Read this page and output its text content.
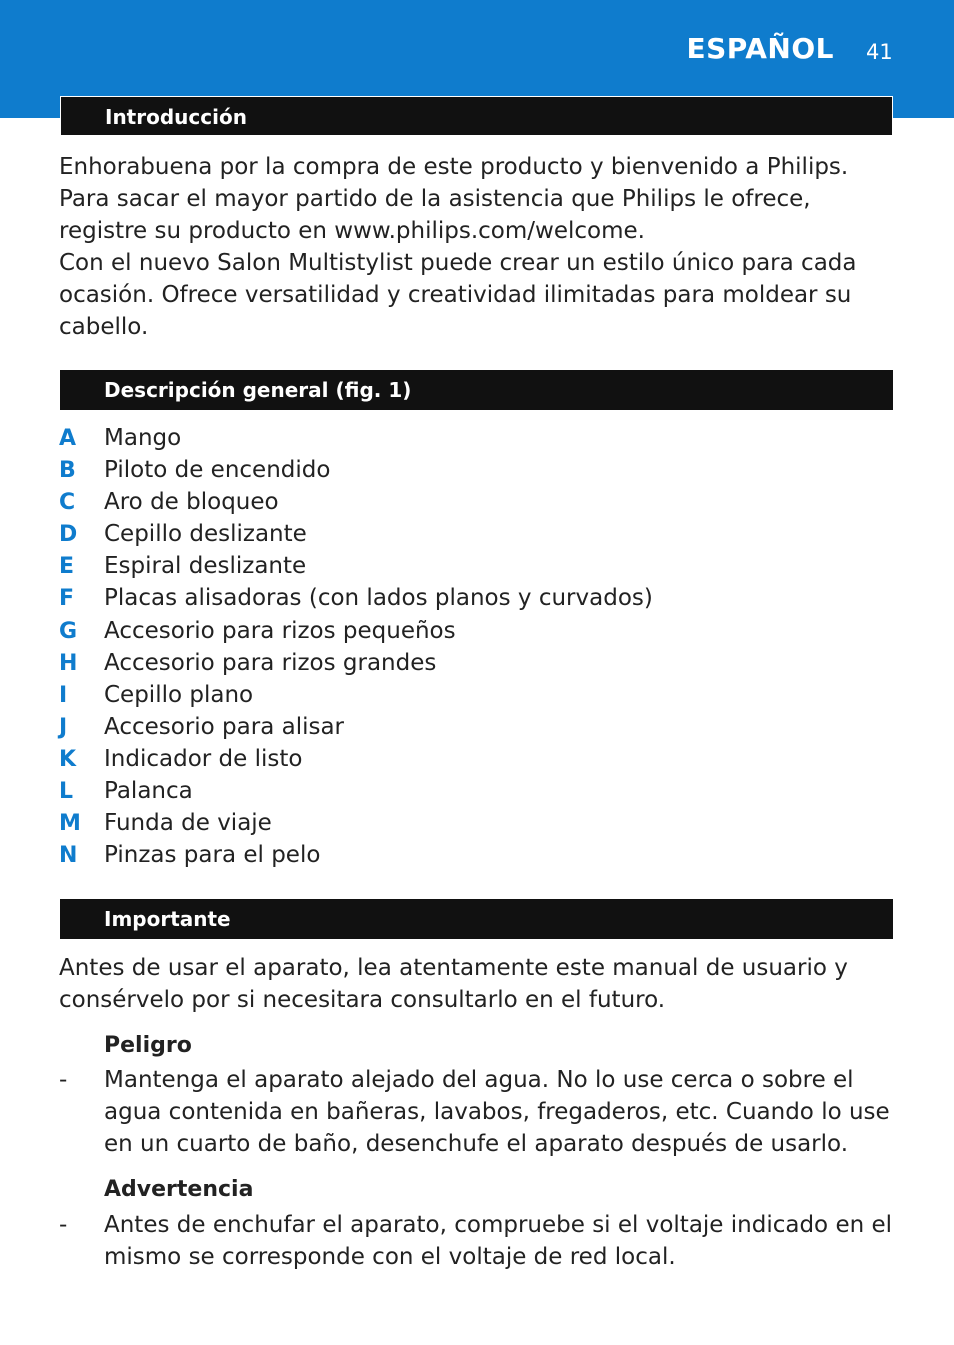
ESPAÑOL 41
Introducción

Enhorabuena por la compra de este producto y bienvenido a Philips. Para sacar el mayor partido de la asistencia que Philips le ofrece, registre su producto en www.philips.com/welcome.

Con el nuevo Salon Multistylist puede crear un estilo único para cada ocasión. Ofrece versatilidad y creatividad ilimitadas para moldear su cabello.

Descripción general (fig. 1)
A Mango
B Piloto de encendido
C Aro de bloqueo
D Cepillo deslizante
E Espiral deslizante
F Placas alisadoras (con lados planos y curvados)
G Accesorio para rizos pequeños
H Accesorio para rizos grandes
I Cepillo plano
J Accesorio para alisar
K Indicador de listo
L Palanca
M Funda de viaje
N Pinzas para el pelo
Importante
Antes de usar el aparato, lea atentamente este manual de usuario y consérvelo por si necesitara consultarlo en el futuro.
Peligro
- Mantenga el aparato alejado del agua. No lo use cerca o sobre el agua contenida en bañeras, lavabos, fregaderos, etc. Cuando lo use en un cuarto de baño, desenchufe el aparato después de usarlo.
Advertencia
- Antes de enchufar el aparato, compruebe si el voltaje indicado en el mismo se corresponde con el voltaje de red local.
